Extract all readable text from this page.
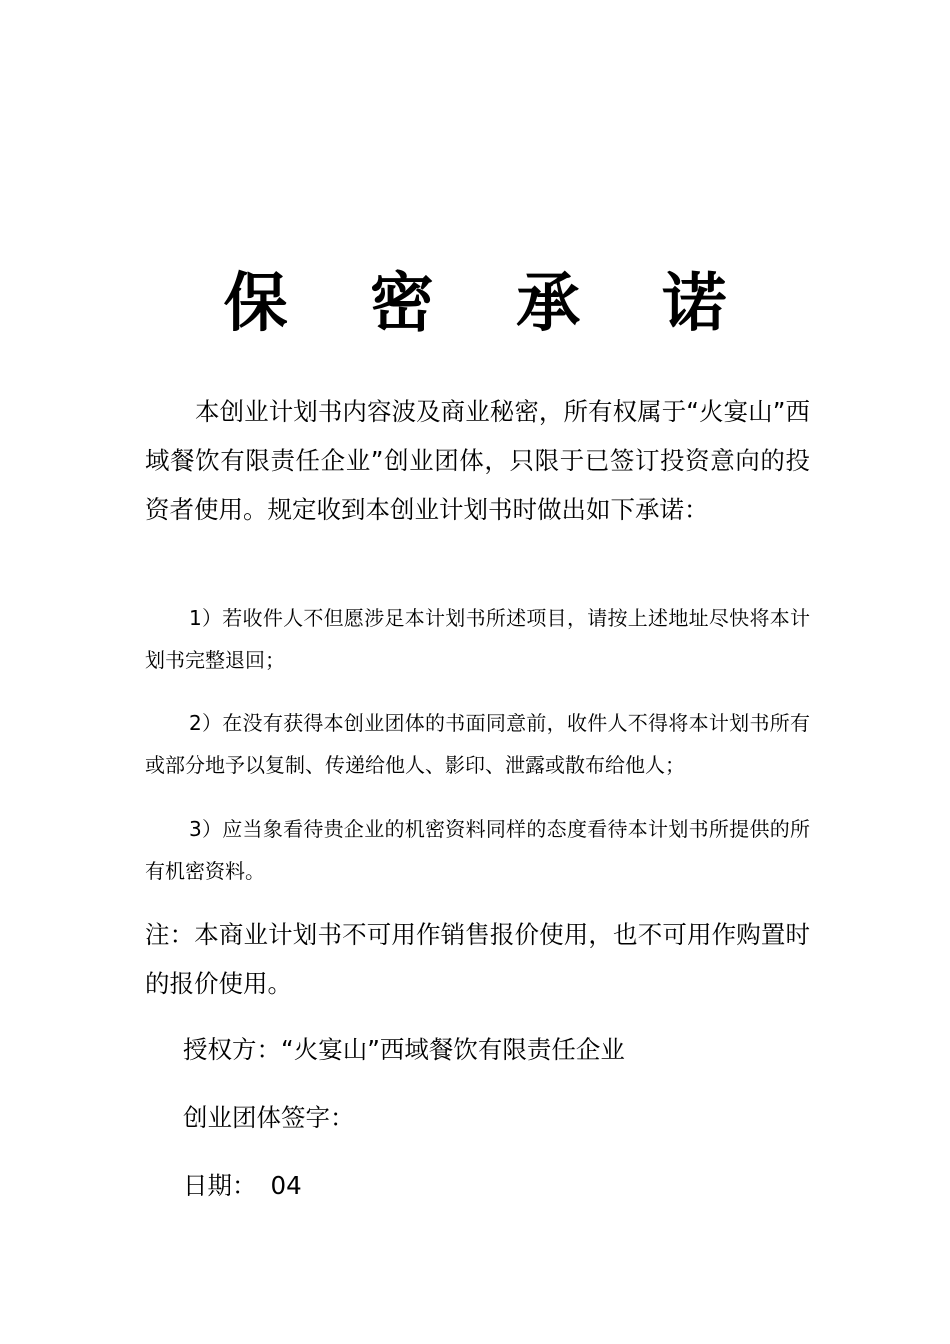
保 密 承 诺

本创业计划书内容波及商业秘密，所有权属于“火宴山”西域餐饮有限责任企业”创业团体，只限于已签订投资意向的投资者使用。规定收到本创业计划书时做出如下承诺：

1）若收件人不但愿涉足本计划书所述项目，请按上述地址尽快将本计划书完整退回；

2）在没有获得本创业团体的书面同意前，收件人不得将本计划书所有或部分地予以复制、传递给他人、影印、泄露或散布给他人；

3）应当象看待贵企业的机密资料同样的态度看待本计划书所提供的所有机密资料。

注：本商业计划书不可用作销售报价使用，也不可用作购置时的报价使用。

授权方：“火宴山”西域餐饮有限责任企业

创业团体签字：

日期： 04
